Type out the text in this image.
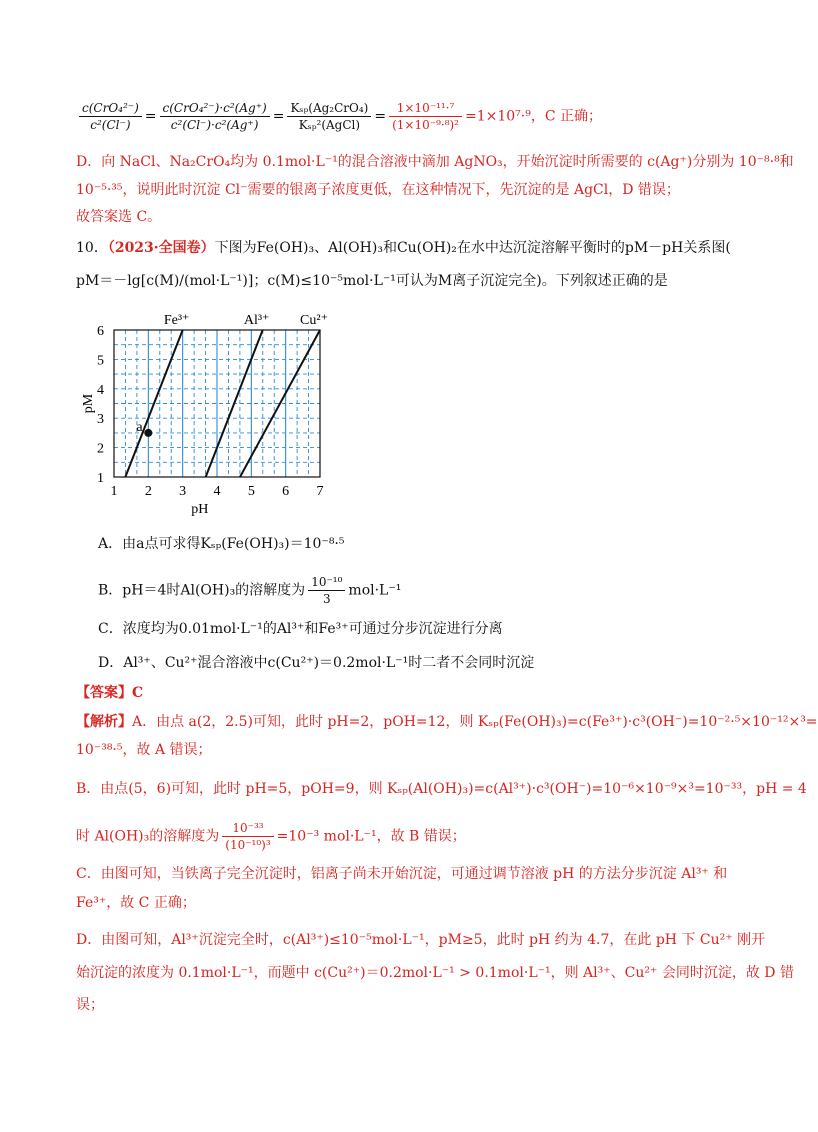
$\frac{\text{c(CrO₄²⁻)}}{\text{c²(Cl⁻)}} = \frac{\text{c(CrO₄²⁻)·c²(Ag⁺)}}{\text{c²(Cl⁻)·c²(Ag⁺)}} = \frac{\text{Kₛₚ(Ag₂CrO₄)}}{\text{Kₛₚ²(AgCl)}} = \frac{\text{1×10⁻¹¹·⁷}}{\text{(1×10⁻⁹·⁸)²}} =1\times 10^7\cdot^9$，C 正确；
D．向 NaCl、Na₂CrO₄均为 0.1mol·L⁻¹的混合溶液中滴加 AgNO₃，开始沉淀时所需要的 c(Ag⁺)分别为 10⁻⁸·⁸和
10⁻⁵·³⁵，说明此时沉淀 Cl⁻需要的银离子浓度更低，在这种情况下，先沉淀的是 AgCl，D 错误；
故答案选 C。
10．（2023·全国卷）下图为Fe(OH)₃、Al(OH)₃和Cu(OH)₂在水中达沉淀溶解平衡时的pM－pH关系图(
pM＝－lg[c(M)/(mol·L⁻¹)]；c(M)≤10⁻⁵mol·L⁻¹可认为M离子沉淀完全)。下列叙述正确的是
Fe³⁺	Al³⁺ Cu²⁺
a
1 2 3 4 5 6 7
1
2
3
4
5
6
pH
pM
A．由a点可求得Kₛₚ(Fe(OH)₃)＝10⁻⁸·⁵
B．pH＝4时Al(OH)₃的溶解度为 $\frac{\text{10⁻¹⁰}}{3} mol\cdot L^{-1}$
C．浓度均为0.01mol·L⁻¹的Al³⁺和Fe³⁺可通过分步沉淀进行分离
D．Al³⁺、Cu²⁺混合溶液中c(Cu²⁺)＝0.2mol·L⁻¹时二者不会同时沉淀
【答案】C
【解析】A．由点 a(2，2.5)可知，此时 pH=2，pOH=12，则 Kₛₚ(Fe(OH)₃)=c(Fe³⁺)·c³(OH⁻)=10⁻²·⁵×10⁻¹²×³=
10⁻³⁸·⁵，故 A 错误；
B．由点(5，6)可知，此时 pH=5，pOH=9，则 Kₛₚ(Al(OH)₃)=c(Al³⁺)·c³(OH⁻)=10⁻⁶×10⁻⁹×³=10⁻³³，pH = 4
时 Al(OH)₃的溶解度为 $\frac{\text{10⁻³³}}{\text{(10⁻¹⁰)³}} =10^{-3}$ mol·L⁻¹，故 B 错误；
C．由图可知，当铁离子完全沉淀时，铝离子尚未开始沉淀，可通过调节溶液 pH 的方法分步沉淀 Al³⁺ 和
Fe³⁺，故 C 正确；
D．由图可知，Al³⁺沉淀完全时，c(Al³⁺)≤10⁻⁵mol·L⁻¹，pM≥5，此时 pH 约为 4.7，在此 pH 下 Cu²⁺ 刚开
始沉淀的浓度为 0.1mol·L⁻¹，而题中 c(Cu²⁺)＝0.2mol·L⁻¹ > 0.1mol·L⁻¹，则 Al³⁺、Cu²⁺ 会同时沉淀，故 D 错
误；
